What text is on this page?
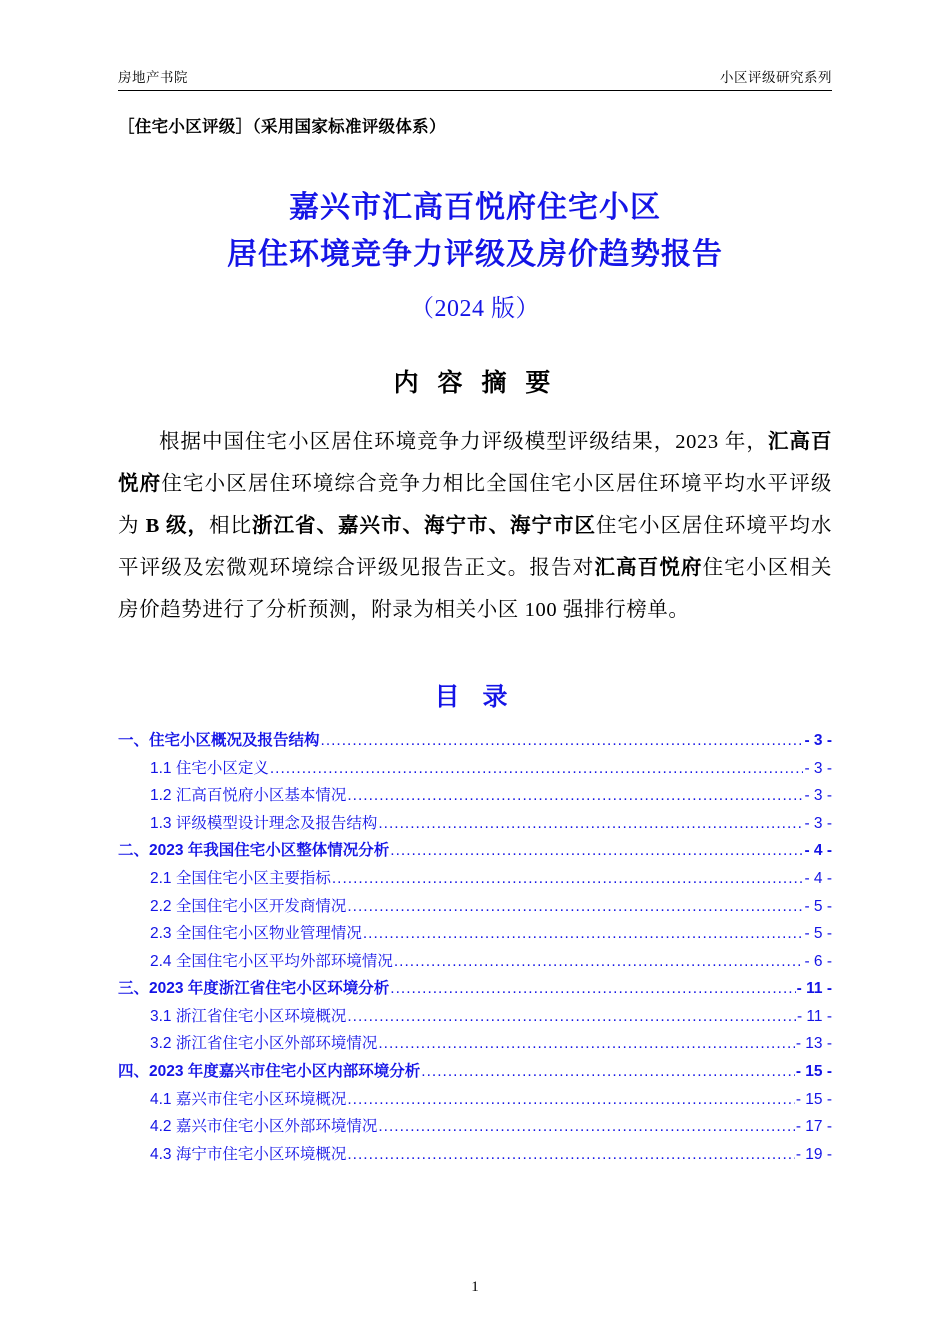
房地产书院	小区评级研究系列
［住宅小区评级］（采用国家标准评级体系）
嘉兴市汇高百悦府住宅小区
居住环境竞争力评级及房价趋势报告
（2024 版）
内 容 摘 要
根据中国住宅小区居住环境竞争力评级模型评级结果，2023 年，汇高百悦府住宅小区居住环境综合竞争力相比全国住宅小区居住环境平均水平评级为 B 级，相比浙江省、嘉兴市、海宁市、海宁市区住宅小区居住环境平均水平评级及宏微观环境综合评级见报告正文。报告对汇高百悦府住宅小区相关房价趋势进行了分析预测，附录为相关小区 100 强排行榜单。
目 录
一、住宅小区概况及报告结构 .....	- 3 -
1.1 住宅小区定义 .....	- 3 -
1.2 汇高百悦府小区基本情况 .....	- 3 -
1.3 评级模型设计理念及报告结构 .....	- 3 -
二、2023 年我国住宅小区整体情况分析 .....	- 4 -
2.1 全国住宅小区主要指标 .....	- 4 -
2.2 全国住宅小区开发商情况 .....	- 5 -
2.3 全国住宅小区物业管理情况 .....	- 5 -
2.4 全国住宅小区平均外部环境情况 .....	- 6 -
三、2023 年度浙江省住宅小区环境分析 .....	- 11 -
3.1 浙江省住宅小区环境概况 .....	- 11 -
3.2 浙江省住宅小区外部环境情况 .....	- 13 -
四、2023 年度嘉兴市住宅小区内部环境分析 .....	- 15 -
4.1 嘉兴市住宅小区环境概况 .....	- 15 -
4.2 嘉兴市住宅小区外部环境情况 .....	- 17 -
4.3 海宁市住宅小区环境概况 .....	- 19 -
1
